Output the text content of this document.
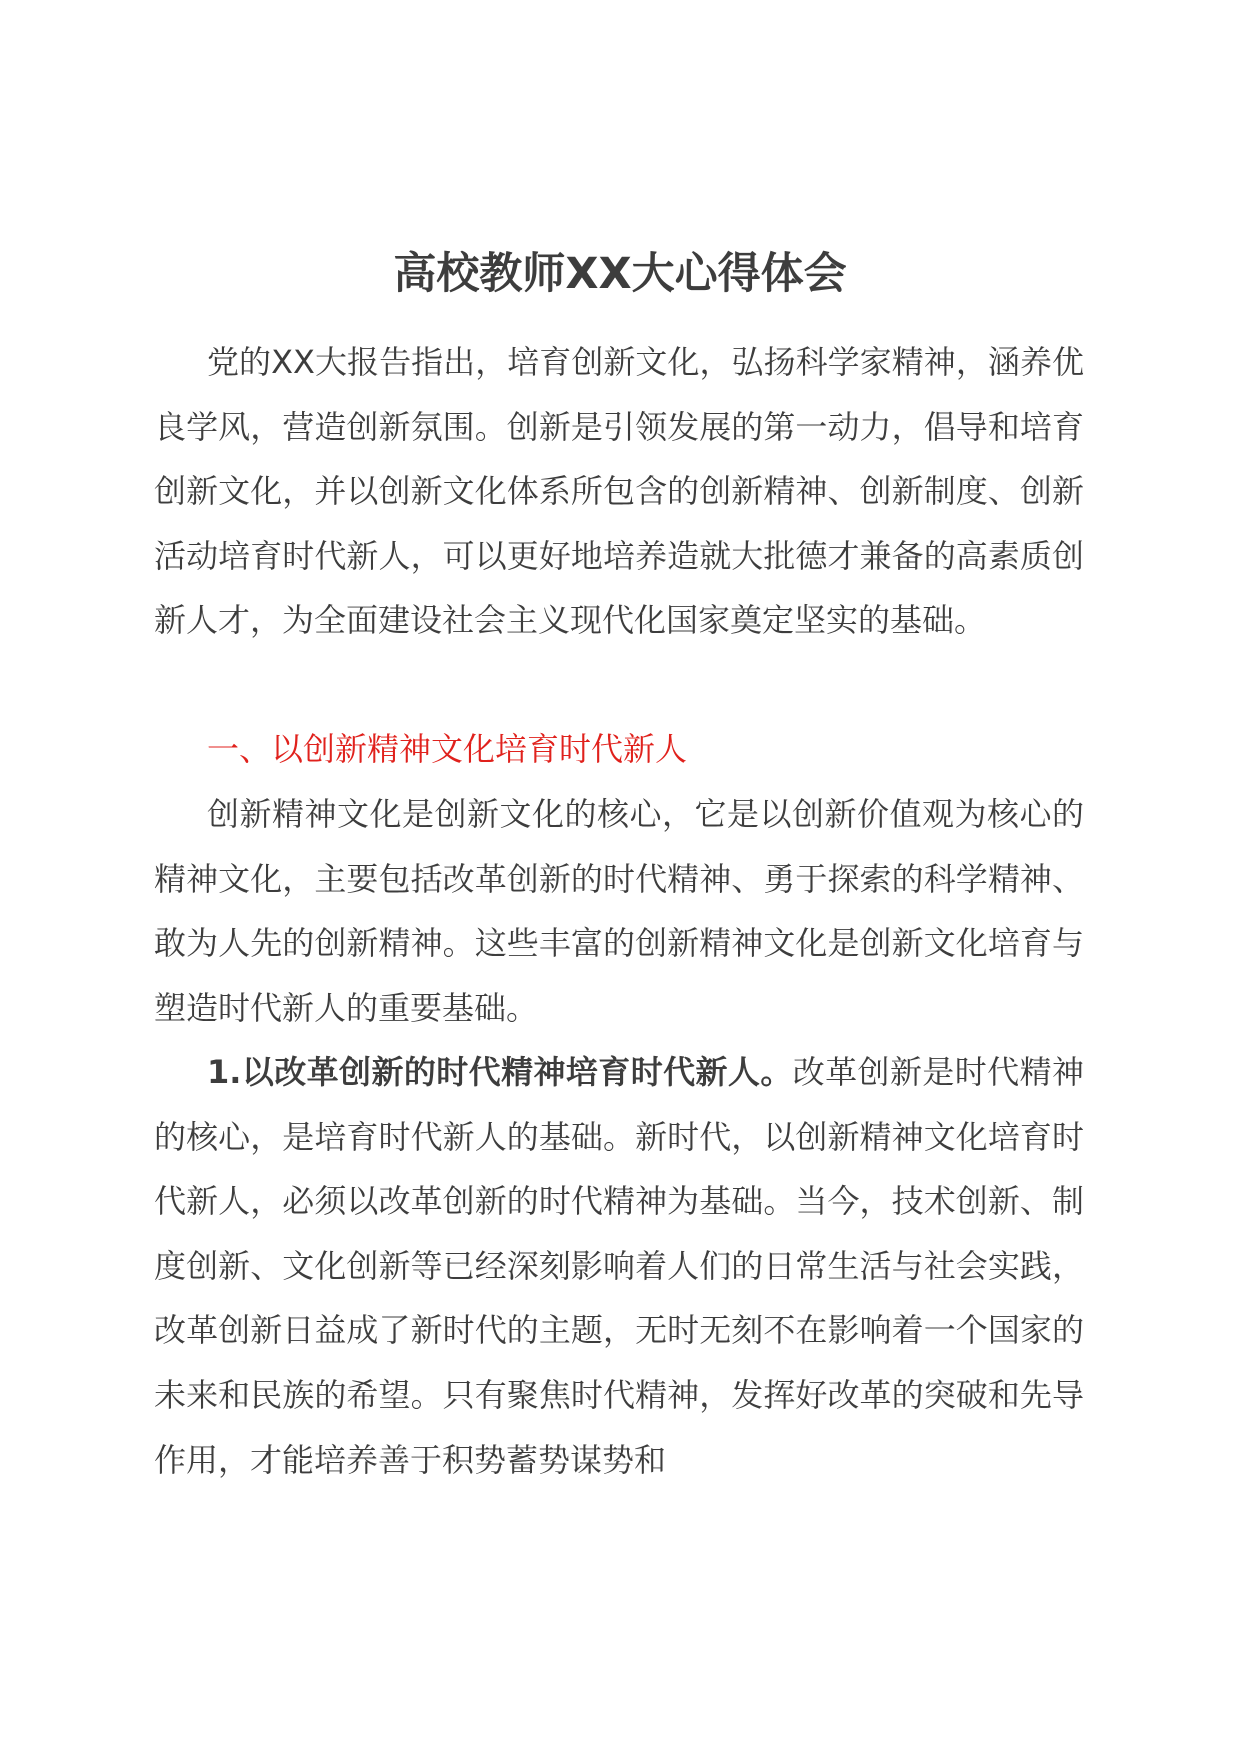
高校教师XX大心得体会

党的XX大报告指出，培育创新文化，弘扬科学家精神，涵养优良学风，营造创新氛围。创新是引领发展的第一动力，倡导和培育创新文化，并以创新文化体系所包含的创新精神、创新制度、创新活动培育时代新人，可以更好地培养造就大批德才兼备的高素质创新人才，为全面建设社会主义现代化国家奠定坚实的基础。

一、以创新精神文化培育时代新人

创新精神文化是创新文化的核心，它是以创新价值观为核心的精神文化，主要包括改革创新的时代精神、勇于探索的科学精神、敢为人先的创新精神。这些丰富的创新精神文化是创新文化培育与塑造时代新人的重要基础。

1.以改革创新的时代精神培育时代新人。改革创新是时代精神的核心，是培育时代新人的基础。新时代，以创新精神文化培育时代新人，必须以改革创新的时代精神为基础。当今，技术创新、制度创新、文化创新等已经深刻影响着人们的日常生活与社会实践，改革创新日益成了新时代的主题，无时无刻不在影响着一个国家的未来和民族的希望。只有聚焦时代精神，发挥好改革的突破和先导作用，才能培养善于积势蓄势谋势和
